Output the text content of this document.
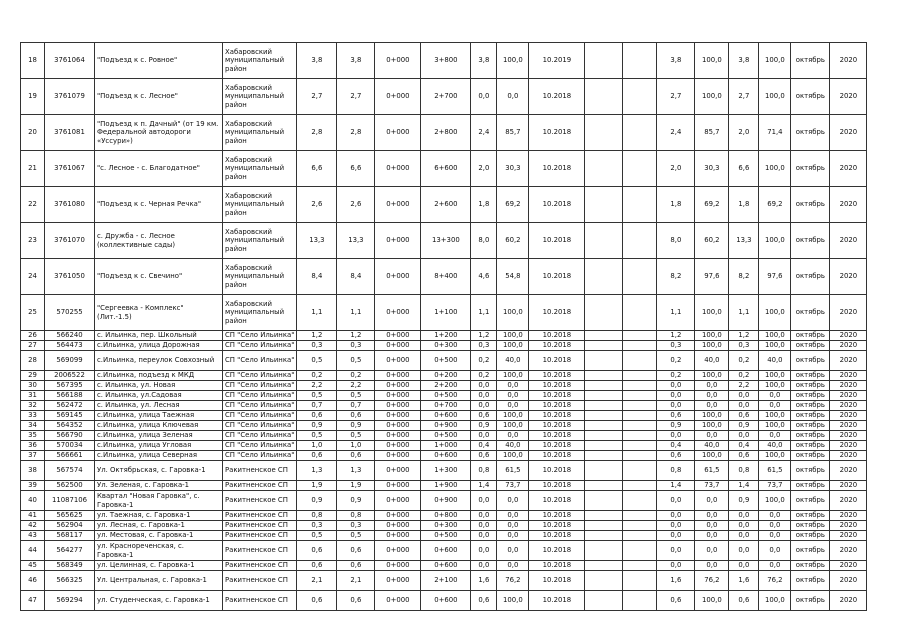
18	3761064	"Подъезд к с. Ровное"	Хабаровский муниципальный район	3,8	3,8	0+000	3+800	3,8	100,0	10.2019			3,8	100,0	3,8	100,0	октябрь	2020
19	3761079	"Подъезд к с. Лесное"	Хабаровский муниципальный район	2,7	2,7	0+000	2+700	0,0	0,0	10.2018			2,7	100,0	2,7	100,0	октябрь	2020
20	3761081	"Подъезд к п. Дачный" (от 19 км. Федеральной автодороги «Уссури»)	Хабаровский муниципальный район	2,8	2,8	0+000	2+800	2,4	85,7	10.2018			2,4	85,7	2,0	71,4	октябрь	2020
21	3761067	"с. Лесное - с. Благодатное"	Хабаровский муниципальный район	6,6	6,6	0+000	6+600	2,0	30,3	10.2018			2,0	30,3	6,6	100,0	октябрь	2020
22	3761080	"Подъезд к с. Черная Речка"	Хабаровский муниципальный район	2,6	2,6	0+000	2+600	1,8	69,2	10.2018			1,8	69,2	1,8	69,2	октябрь	2020
23	3761070	с. Дружба - с. Лесное (коллективные сады)	Хабаровский муниципальный район	13,3	13,3	0+000	13+300	8,0	60,2	10.2018			8,0	60,2	13,3	100,0	октябрь	2020
24	3761050	"Подъезд к с. Свечино"	Хабаровский муниципальный район	8,4	8,4	0+000	8+400	4,6	54,8	10.2018			8,2	97,6	8,2	97,6	октябрь	2020
25	570255	"Сергеевка - Комплекс" (Лит.-1.5)	Хабаровский муниципальный район	1,1	1,1	0+000	1+100	1,1	100,0	10.2018			1,1	100,0	1,1	100,0	октябрь	2020
26	566240	с. Ильинка, пер. Школьный	СП "Село Ильинка"	1,2	1,2	0+000	1+200	1,2	100,0	10.2018			1,2	100,0	1,2	100,0	октябрь	2020
27	564473	с.Ильинка, улица Дорожная	СП "Село Ильинка"	0,3	0,3	0+000	0+300	0,3	100,0	10.2018			0,3	100,0	0,3	100,0	октябрь	2020
28	569099	с.Ильинка, переулок Совхозный	СП "Село Ильинка"	0,5	0,5	0+000	0+500	0,2	40,0	10.2018			0,2	40,0	0,2	40,0	октябрь	2020
29	2006522	с.Ильинка, подъезд к МКД	СП "Село Ильинка"	0,2	0,2	0+000	0+200	0,2	100,0	10.2018			0,2	100,0	0,2	100,0	октябрь	2020
30	567395	с. Ильинка, ул. Новая	СП "Село Ильинка"	2,2	2,2	0+000	2+200	0,0	0,0	10.2018			0,0	0,0	2,2	100,0	октябрь	2020
31	566188	с. Ильинка, ул.Садовая	СП "Село Ильинка"	0,5	0,5	0+000	0+500	0,0	0,0	10.2018			0,0	0,0	0,0	0,0	октябрь	2020
32	562472	с. Ильинка, ул. Лесная	СП "Село Ильинка"	0,7	0,7	0+000	0+700	0,0	0,0	10.2018			0,0	0,0	0,0	0,0	октябрь	2020
33	569145	с.Ильинка, улица Таежная	СП "Село Ильинка"	0,6	0,6	0+000	0+600	0,6	100,0	10.2018			0,6	100,0	0,6	100,0	октябрь	2020
34	564352	с.Ильинка, улица Ключевая	СП "Село Ильинка"	0,9	0,9	0+000	0+900	0,9	100,0	10.2018			0,9	100,0	0,9	100,0	октябрь	2020
35	566790	с.Ильинка, улица Зеленая	СП "Село Ильинка"	0,5	0,5	0+000	0+500	0,0	0,0	10.2018			0,0	0,0	0,0	0,0	октябрь	2020
36	570034	с.Ильинка, улица Угловая	СП "Село Ильинка"	1,0	1,0	0+000	1+000	0,4	40,0	10.2018			0,4	40,0	0,4	40,0	октябрь	2020
37	566661	с.Ильинка, улица Северная	СП "Село Ильинка"	0,6	0,6	0+000	0+600	0,6	100,0	10.2018			0,6	100,0	0,6	100,0	октябрь	2020
38	567574	Ул. Октябрьская, с. Гаровка-1	Ракитненское СП	1,3	1,3	0+000	1+300	0,8	61,5	10.2018			0,8	61,5	0,8	61,5	октябрь	2020
39	562500	Ул. Зеленая, с. Гаровка-1	Ракитненское СП	1,9	1,9	0+000	1+900	1,4	73,7	10.2018			1,4	73,7	1,4	73,7	октябрь	2020
40	11087106	Квартал "Новая Гаровка", с. Гаровка-1	Ракитненское СП	0,9	0,9	0+000	0+900	0,0	0,0	10.2018			0,0	0,0	0,9	100,0	октябрь	2020
41	565625	ул. Таежная, с. Гаровка-1	Ракитненское СП	0,8	0,8	0+000	0+800	0,0	0,0	10.2018			0,0	0,0	0,0	0,0	октябрь	2020
42	562904	ул. Лесная, с. Гаровка-1	Ракитненское СП	0,3	0,3	0+000	0+300	0,0	0,0	10.2018			0,0	0,0	0,0	0,0	октябрь	2020
43	568117	ул. Местовая, с. Гаровка-1	Ракитненское СП	0,5	0,5	0+000	0+500	0,0	0,0	10.2018			0,0	0,0	0,0	0,0	октябрь	2020
44	564277	ул. Краснореченская, с. Гаровка-1	Ракитненское СП	0,6	0,6	0+000	0+600	0,0	0,0	10.2018			0,0	0,0	0,0	0,0	октябрь	2020
45	568349	ул. Целинная, с. Гаровка-1	Ракитненское СП	0,6	0,6	0+000	0+600	0,0	0,0	10.2018			0,0	0,0	0,0	0,0	октябрь	2020
46	566325	Ул. Центральная, с. Гаровка-1	Ракитненское СП	2,1	2,1	0+000	2+100	1,6	76,2	10.2018			1,6	76,2	1,6	76,2	октябрь	2020
47	569294	ул. Студенческая, с. Гаровка-1	Ракитненское СП	0,6	0,6	0+000	0+600	0,6	100,0	10.2018			0,6	100,0	0,6	100,0	октябрь	2020
